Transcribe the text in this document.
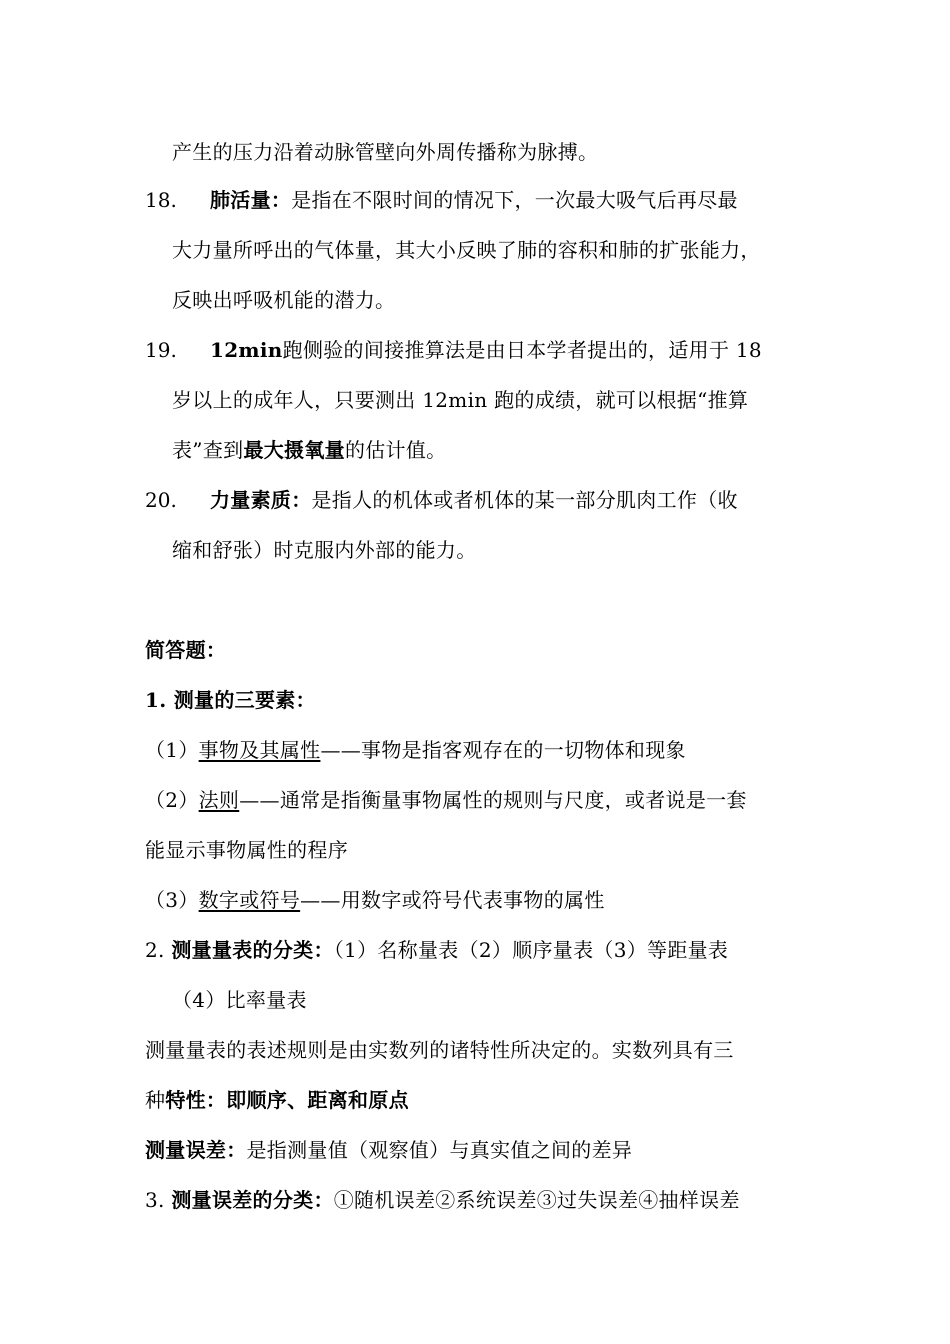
产生的压力沿着动脉管壁向外周传播称为脉搏。
18. 肺活量：是指在不限时间的情况下，一次最大吸气后再尽最
大力量所呼出的气体量，其大小反映了肺的容积和肺的扩张能力，
反映出呼吸机能的潜力。
19. 12min跑侧验的间接推算法是由日本学者提出的，适用于 18
岁以上的成年人，只要测出 12min 跑的成绩，就可以根据“推算
表”查到最大摄氧量的估计值。
20. 力量素质：是指人的机体或者机体的某一部分肌肉工作（收
缩和舒张）时克服内外部的能力。
简答题：
1. 测量的三要素：
（1）事物及其属性——事物是指客观存在的一切物体和现象
（2）法则——通常是指衡量事物属性的规则与尺度，或者说是一套
能显示事物属性的程序
（3）数字或符号——用数字或符号代表事物的属性
2. 测量量表的分类：（1）名称量表（2）顺序量表（3）等距量表
（4）比率量表
测量量表的表述规则是由实数列的诸特性所决定的。实数列具有三
种特性：即顺序、距离和原点
测量误差：是指测量值（观察值）与真实值之间的差异
3. 测量误差的分类：①随机误差②系统误差③过失误差④抽样误差
